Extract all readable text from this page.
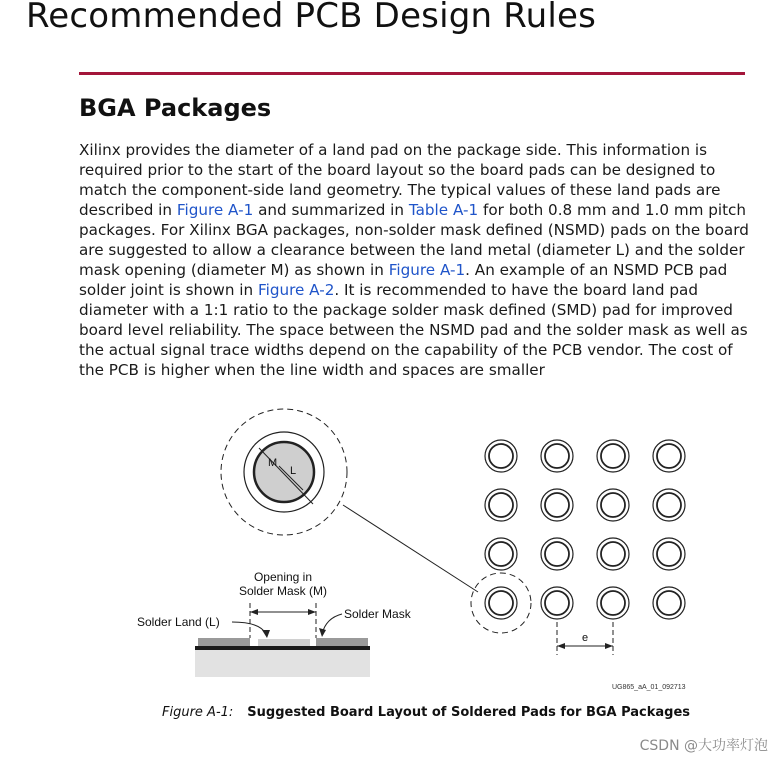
Recommended PCB Design Rules
BGA Packages

Xilinx provides the diameter of a land pad on the package side. This information is required prior to the start of the board layout so the board pads can be designed to match the component-side land geometry. The typical values of these land pads are described in Figure A-1 and summarized in Table A-1 for both 0.8 mm and 1.0 mm pitch packages. For Xilinx BGA packages, non-solder mask defined (NSMD) pads on the board are suggested to allow a clearance between the land metal (diameter L) and the solder mask opening (diameter M) as shown in Figure A-1. An example of an NSMD PCB pad solder joint is shown in Figure A-2. It is recommended to have the board land pad diameter with a 1:1 ratio to the package solder mask defined (SMD) pad for improved board level reliability. The space between the NSMD pad and the solder mask as well as the actual signal trace widths depend on the capability of the PCB vendor. The cost of the PCB is higher when the line width and spaces are smaller

M
L
e
Opening in
Solder Mask (M)
Solder Mask
Solder Land (L)
UG865_aA_01_092713

Figure A-1: Suggested Board Layout of Soldered Pads for BGA Packages

CSDN @大功率灯泡
